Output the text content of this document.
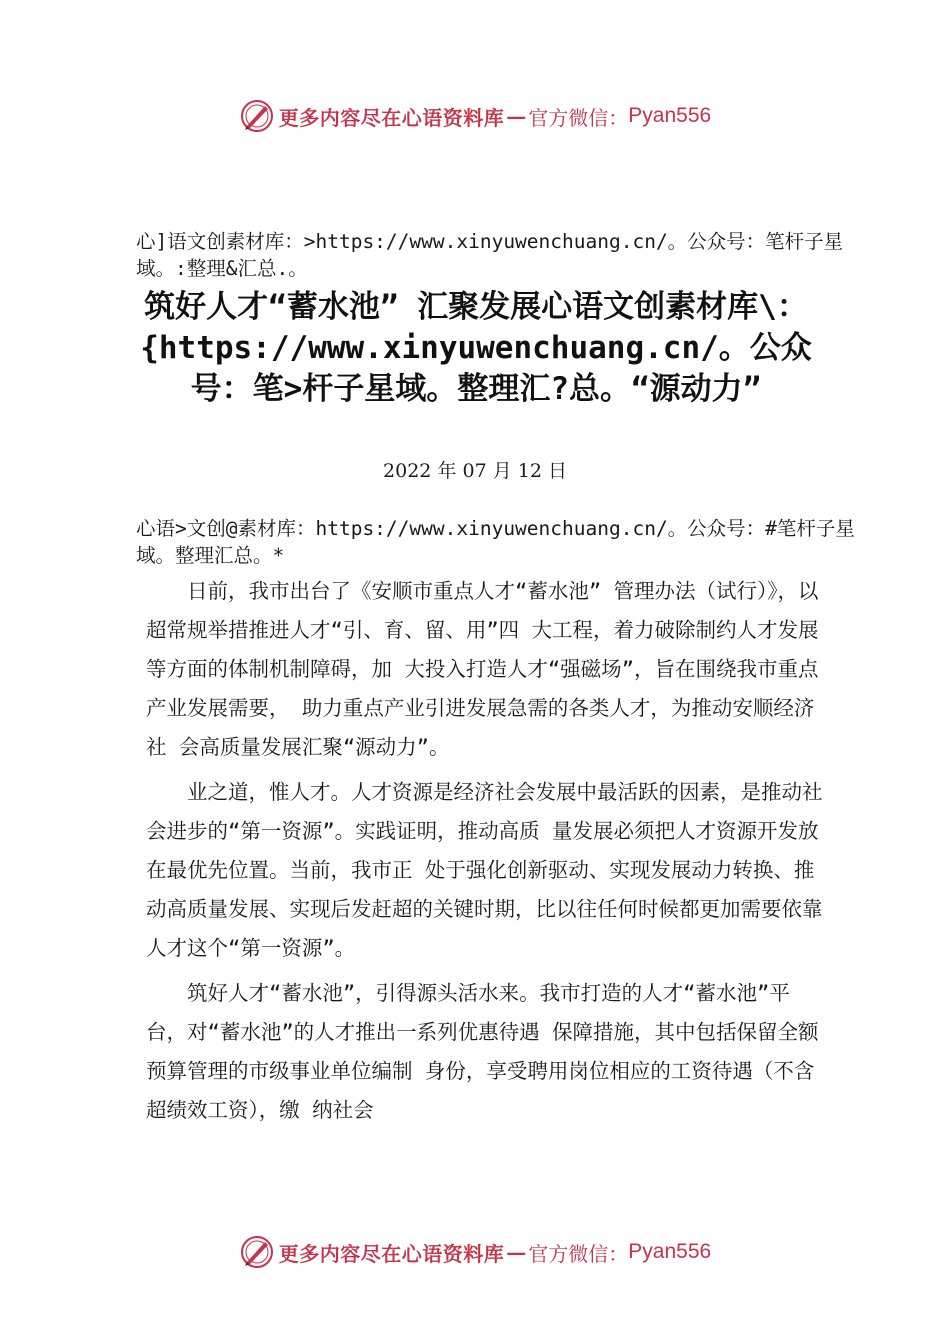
更多内容尽在心语资料库 — 官方微信： Pyan556
心]语文创素材库：>https://www.xinyuwenchuang.cn/。公众号：笔杆子星域。:整理&汇总.。
筑好人才“蓄水池” 汇聚发展心语文创素材库\：{https://www.xinyuwenchuang.cn/。公众号：笔>杆子星域。整理汇?总。“源动力”
2022 年 07 月 12 日
心语>文创@素材库：https://www.xinyuwenchuang.cn/。公众号：#笔杆子星域。整理汇总。*

日前，我市出台了《安顺市重点人才“蓄水池” 管理办法（试行）》，以超常规举措推进人才“引、育、留、用”四 大工程，着力破除制约人才发展等方面的体制机制障碍，加 大投入打造人才“强磁场”，旨在围绕我市重点产业发展需要， 助力重点产业引进发展急需的各类人才，为推动安顺经济社 会高质量发展汇聚“源动力”。

业之道，惟人才。人才资源是经济社会发展中最活跃的因素，是推动社会进步的“第一资源”。实践证明，推动高质 量发展必须把人才资源开发放在最优先位置。当前，我市正 处于强化创新驱动、实现发展动力转换、推动高质量发展、实现后发赶超的关键时期，比以往任何时候都更加需要依靠 人才这个“第一资源”。

筑好人才“蓄水池”，引得源头活水来。我市打造的人才“蓄水池”平台，对“蓄水池”的人才推出一系列优惠待遇 保障措施，其中包括保留全额预算管理的市级事业单位编制 身份，享受聘用岗位相应的工资待遇（不含超绩效工资），缴 纳社会

更多内容尽在心语资料库 — 官方微信： Pyan556
